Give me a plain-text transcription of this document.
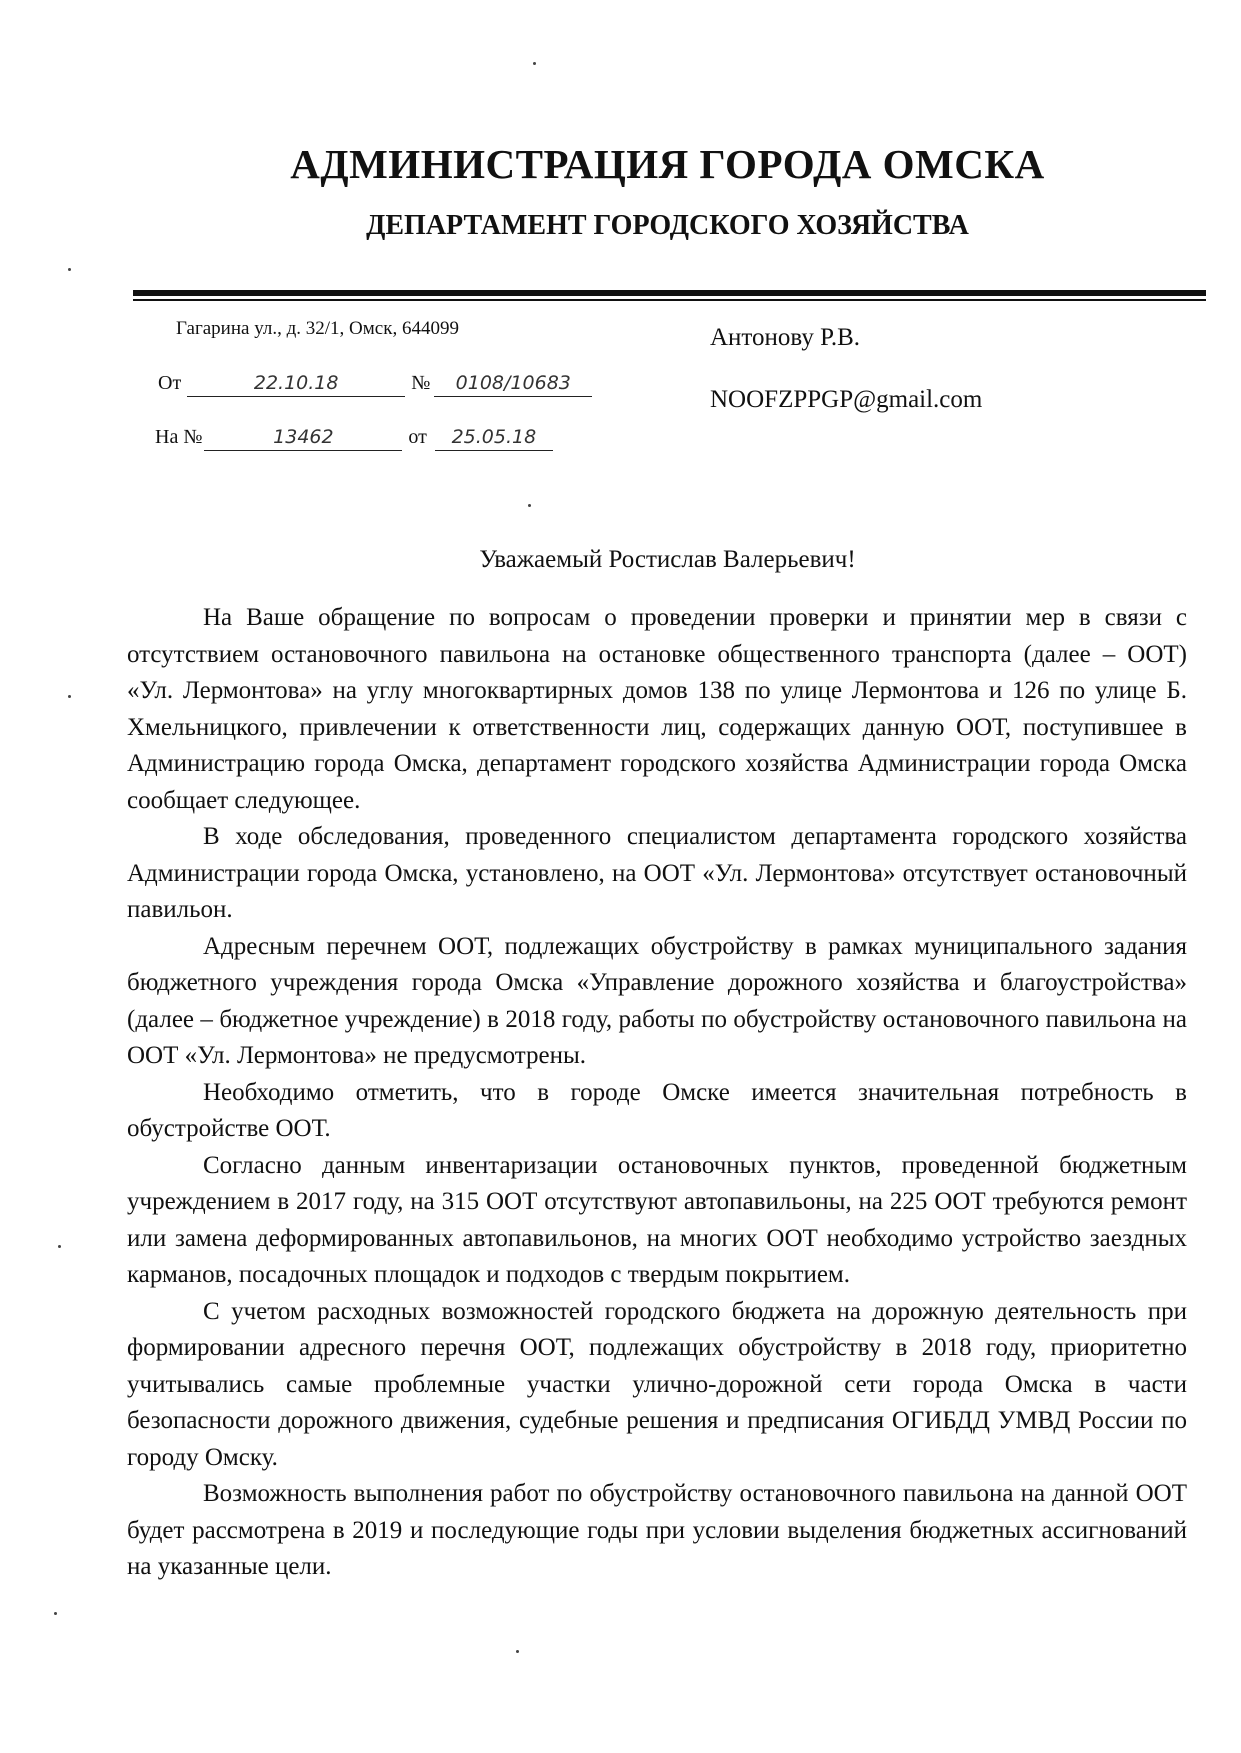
АДМИНИСТРАЦИЯ ГОРОДА ОМСКА
ДЕПАРТАМЕНТ ГОРОДСКОГО ХОЗЯЙСТВА
Гагарина ул., д. 32/1, Омск, 644099
От	22.10.18	№	0108/10683
На №	13462	от	25.05.18
Антонову Р.В.
NOOFZPPGP@gmail.com
Уважаемый Ростислав Валерьевич!

На Ваше обращение по вопросам о проведении проверки и принятии мер в связи с отсутствием остановочного павильона на остановке общественного транспорта (далее – ООТ) «Ул. Лермонтова» на углу многоквартирных домов 138 по улице Лермонтова и 126 по улице Б. Хмельницкого, привлечении к ответственности лиц, содержащих данную ООТ, поступившее в Администрацию города Омска, департамент городского хозяйства Администрации города Омска сообщает следующее.

В ходе обследования, проведенного специалистом департамента городского хозяйства Администрации города Омска, установлено, на ООТ «Ул. Лермонтова» отсутствует остановочный павильон.

Адресным перечнем ООТ, подлежащих обустройству в рамках муниципального задания бюджетного учреждения города Омска «Управление дорожного хозяйства и благоустройства» (далее – бюджетное учреждение) в 2018 году, работы по обустройству остановочного павильона на ООТ «Ул. Лермонтова» не предусмотрены.

Необходимо отметить, что в городе Омске имеется значительная потребность в обустройстве ООТ.

Согласно данным инвентаризации остановочных пунктов, проведенной бюджетным учреждением в 2017 году, на 315 ООТ отсутствуют автопавильоны, на 225 ООТ требуются ремонт или замена деформированных автопавильонов, на многих ООТ необходимо устройство заездных карманов, посадочных площадок и подходов с твердым покрытием.

С учетом расходных возможностей городского бюджета на дорожную деятельность при формировании адресного перечня ООТ, подлежащих обустройству в 2018 году, приоритетно учитывались самые проблемные участки улично-дорожной сети города Омска в части безопасности дорожного движения, судебные решения и предписания ОГИБДД УМВД России по городу Омску.

Возможность выполнения работ по обустройству остановочного павильона на данной ООТ будет рассмотрена в 2019 и последующие годы при условии выделения бюджетных ассигнований на указанные цели.
